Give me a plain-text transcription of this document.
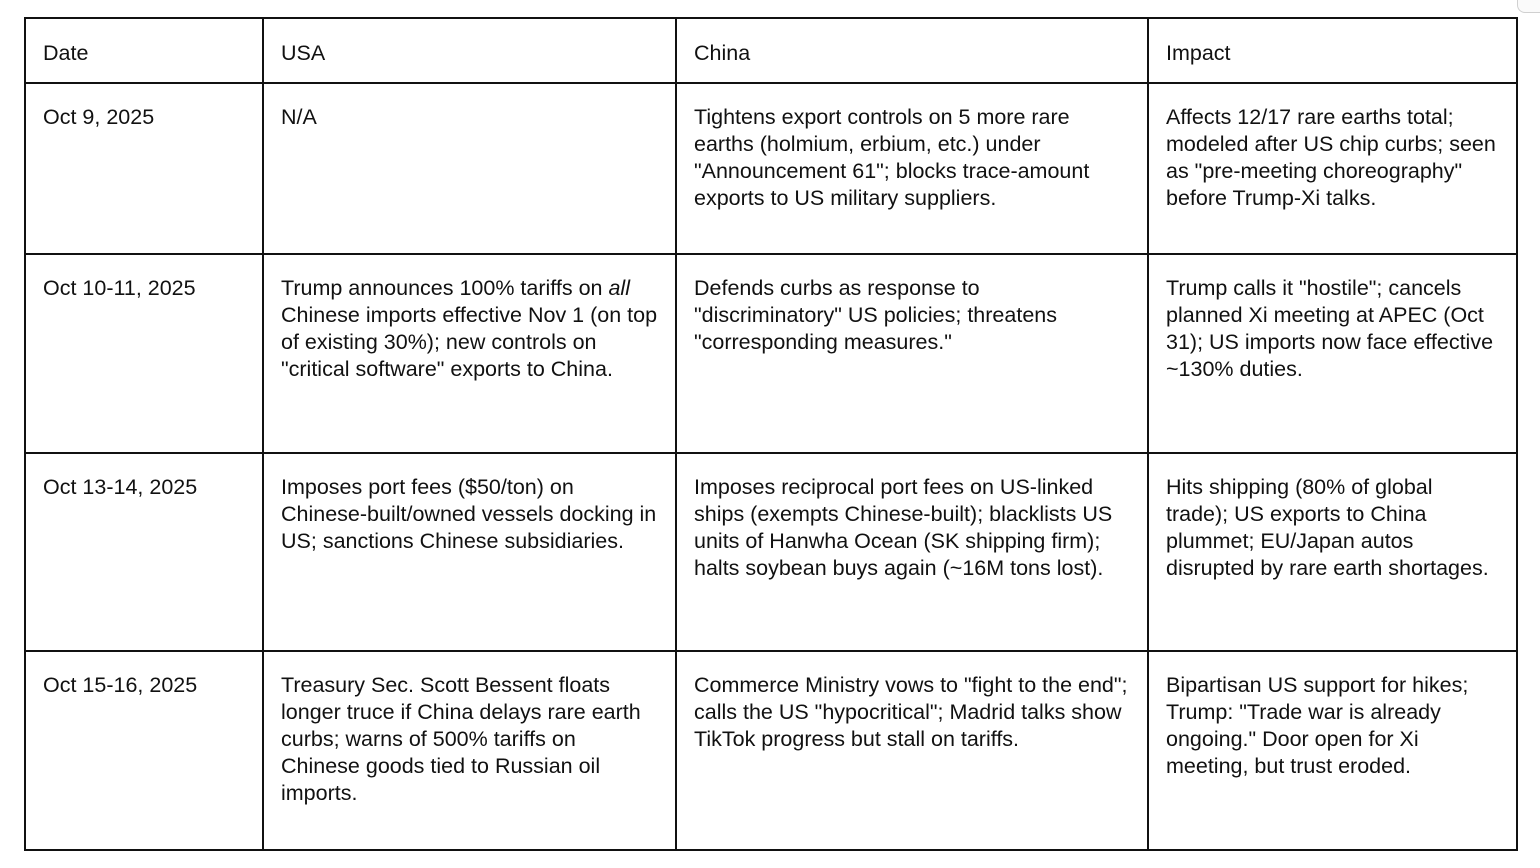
Date	USA	China	Impact
Oct 9, 2025	N/A	Tightens export controls on 5 more rare earths (holmium, erbium, etc.) under "Announcement 61"; blocks trace-amount exports to US military suppliers.	Affects 12/17 rare earths total; modeled after US chip curbs; seen as "pre-meeting choreography" before Trump-Xi talks.
Oct 10-11, 2025	Trump announces 100% tariffs on all Chinese imports effective Nov 1 (on top of existing 30%); new controls on "critical software" exports to China.	Defends curbs as response to "discriminatory" US policies; threatens "corresponding measures."	Trump calls it "hostile"; cancels planned Xi meeting at APEC (Oct 31); US imports now face effective ~130% duties.
Oct 13-14, 2025	Imposes port fees ($50/ton) on Chinese-built/owned vessels docking in US; sanctions Chinese subsidiaries.	Imposes reciprocal port fees on US-linked ships (exempts Chinese-built); blacklists US units of Hanwha Ocean (SK shipping firm); halts soybean buys again (~16M tons lost).	Hits shipping (80% of global trade); US exports to China plummet; EU/Japan autos disrupted by rare earth shortages.
Oct 15-16, 2025	Treasury Sec. Scott Bessent floats longer truce if China delays rare earth curbs; warns of 500% tariffs on Chinese goods tied to Russian oil imports.	Commerce Ministry vows to "fight to the end"; calls the US "hypocritical"; Madrid talks show TikTok progress but stall on tariffs.	Bipartisan US support for hikes; Trump: "Trade war is already ongoing." Door open for Xi meeting, but trust eroded.
